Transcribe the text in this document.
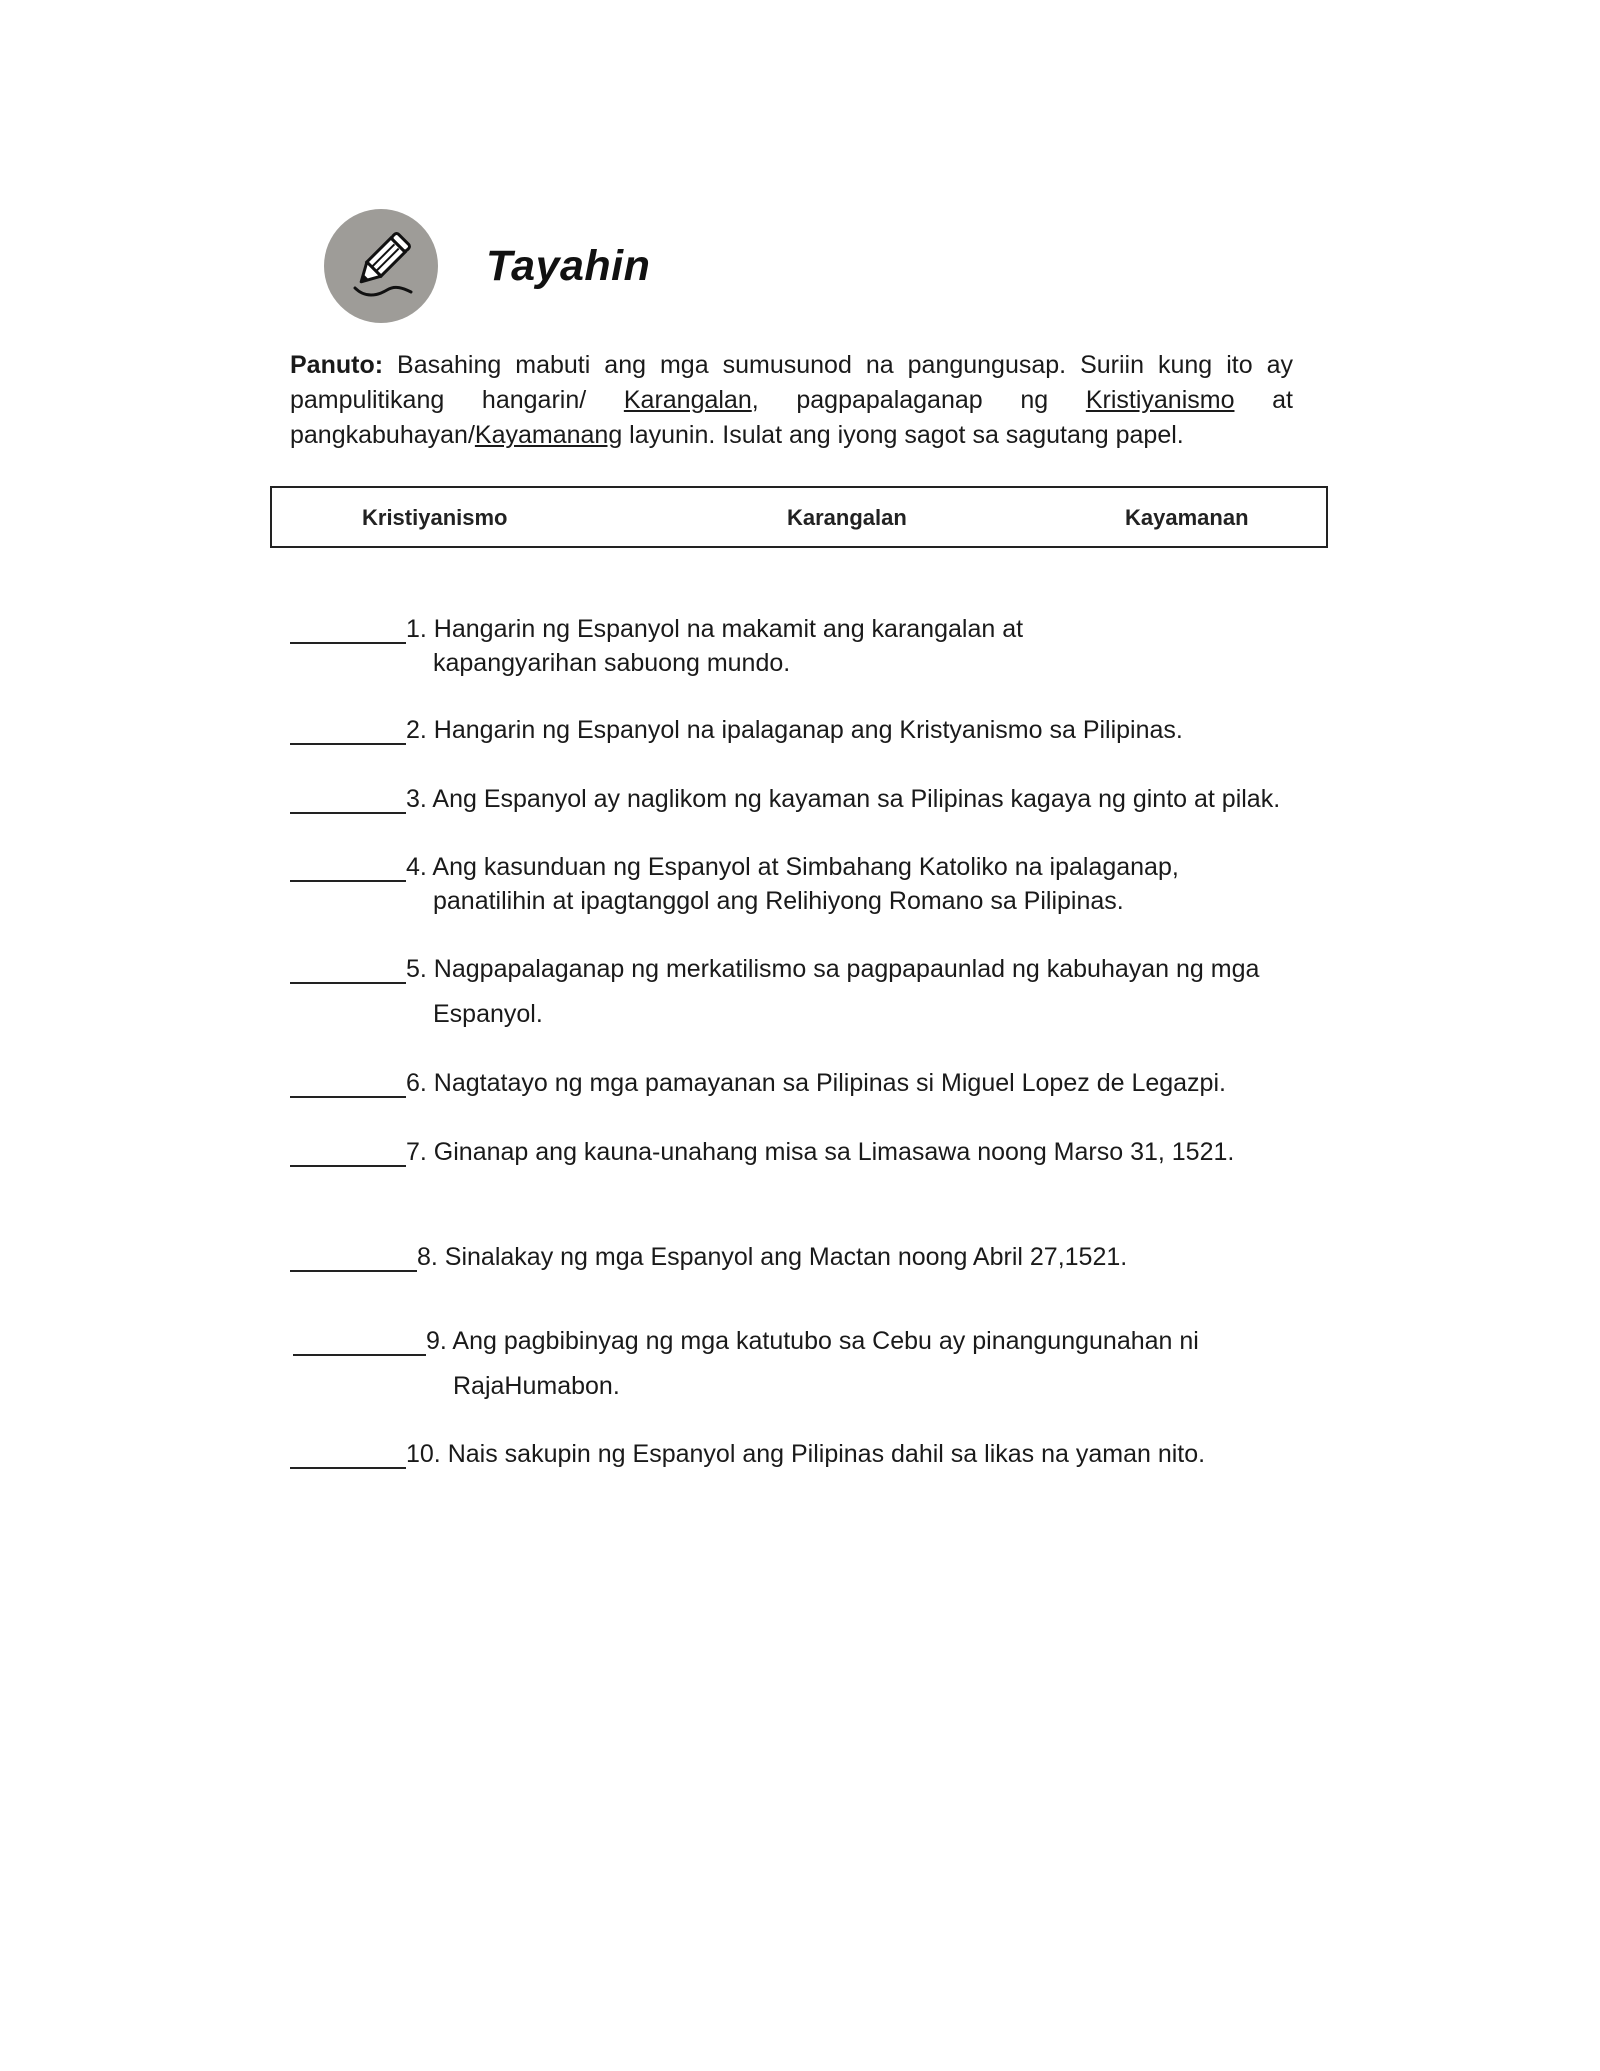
Tayahin
Panuto: Basahing mabuti ang mga sumusunod na pangungusap. Suriin kung ito ay pampulitikang hangarin/ Karangalan, pagpapalaganap ng Kristiyanismo at pangkabuhayan/Kayamanang layunin. Isulat ang iyong sagot sa sagutang papel.
Kristiyanismo	Karangalan	Kayamanan
1. Hangarin ng Espanyol na makamit ang karangalan at
kapangyarihan sabuong mundo.
2. Hangarin ng Espanyol na ipalaganap ang Kristyanismo sa Pilipinas.
3. Ang Espanyol ay naglikom ng kayaman sa Pilipinas kagaya ng ginto at pilak.
4. Ang kasunduan ng Espanyol at Simbahang Katoliko na ipalaganap,
panatilihin at ipagtanggol ang Relihiyong Romano sa Pilipinas.
5. Nagpapalaganap ng merkatilismo sa pagpapaunlad ng kabuhayan ng mga
Espanyol.
6. Nagtatayo ng mga pamayanan sa Pilipinas si Miguel Lopez de Legazpi.
7. Ginanap ang kauna-unahang misa sa Limasawa noong Marso 31, 1521.
8. Sinalakay ng mga Espanyol ang Mactan noong Abril 27,1521.
9. Ang pagbibinyag ng mga katutubo sa Cebu ay pinangungunahan ni
RajaHumabon.
10. Nais sakupin ng Espanyol ang Pilipinas dahil sa likas na yaman nito.
